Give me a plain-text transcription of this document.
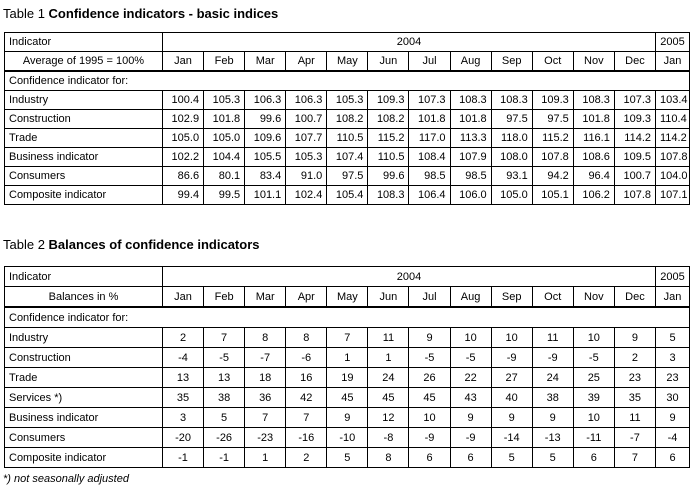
Table 1 Confidence indicators - basic indices
Indicator	2004												2005
Average of 1995 = 100%	Jan	Feb	Mar	Apr	May	Jun	Jul	Aug	Sep	Oct	Nov	Dec	Jan
Confidence indicator for:													
Industry	100.4	105.3	106.3	106.3	105.3	109.3	107.3	108.3	108.3	109.3	108.3	107.3	103.4
Construction	102.9	101.8	99.6	100.7	108.2	108.2	101.8	101.8	97.5	97.5	101.8	109.3	110.4
Trade	105.0	105.0	109.6	107.7	110.5	115.2	117.0	113.3	118.0	115.2	116.1	114.2	114.2
Business indicator	102.2	104.4	105.5	105.3	107.4	110.5	108.4	107.9	108.0	107.8	108.6	109.5	107.8
Consumers	86.6	80.1	83.4	91.0	97.5	99.6	98.5	98.5	93.1	94.2	96.4	100.7	104.0
Composite indicator	99.4	99.5	101.1	102.4	105.4	108.3	106.4	106.0	105.0	105.1	106.2	107.8	107.1
Table 2 Balances of confidence indicators
Indicator	2004												2005
Balances in %	Jan	Feb	Mar	Apr	May	Jun	Jul	Aug	Sep	Oct	Nov	Dec	Jan
Confidence indicator for:													
Industry	2	7	8	8	7	11	9	10	10	11	10	9	5
Construction	-4	-5	-7	-6	1	1	-5	-5	-9	-9	-5	2	3
Trade	13	13	18	16	19	24	26	22	27	24	25	23	23
Services *)	35	38	36	42	45	45	45	43	40	38	39	35	30
Business indicator	3	5	7	7	9	12	10	9	9	9	10	11	9
Consumers	-20	-26	-23	-16	-10	-8	-9	-9	-14	-13	-11	-7	-4
Composite indicator	-1	-1	1	2	5	8	6	6	5	5	6	7	6
*) not seasonally adjusted
